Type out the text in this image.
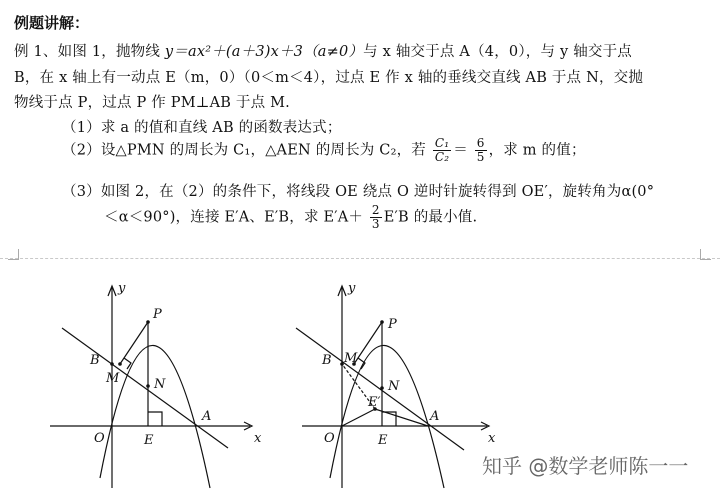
例题讲解：
例 1、如图 1，抛物线 y＝ax²＋(a＋3)x＋3（a≠0）与 x 轴交于点 A（4，0），与 y 轴交于点
B，在 x 轴上有一动点 E（m，0）（0＜m＜4），过点 E 作 x 轴的垂线交直线 AB 于点 N，交抛
物线于点 P，过点 P 作 PM⊥AB 于点 M.
（1）求 a 的值和直线 AB 的函数表达式；
（2）设△PMN 的周长为 C₁，△AEN 的周长为 C₂，若 $\frac{\text{C₁}}{\text{C₂}} = \frac{6}{5}$ ，求 m 的值；
（3）如图 2，在（2）的条件下，将线段 OE 绕点 O 逆时针旋转得到 OE′，旋转角为α(0°
＜α＜90°)，连接 E′A、E′B，求 $E'A+ \frac{2}{3} E'B$ 的最小值.
y
x
O
B
M
P
N
A
E
y
x
O
B M
P
N
A
E
E′
知乎 @数学老师陈一一
